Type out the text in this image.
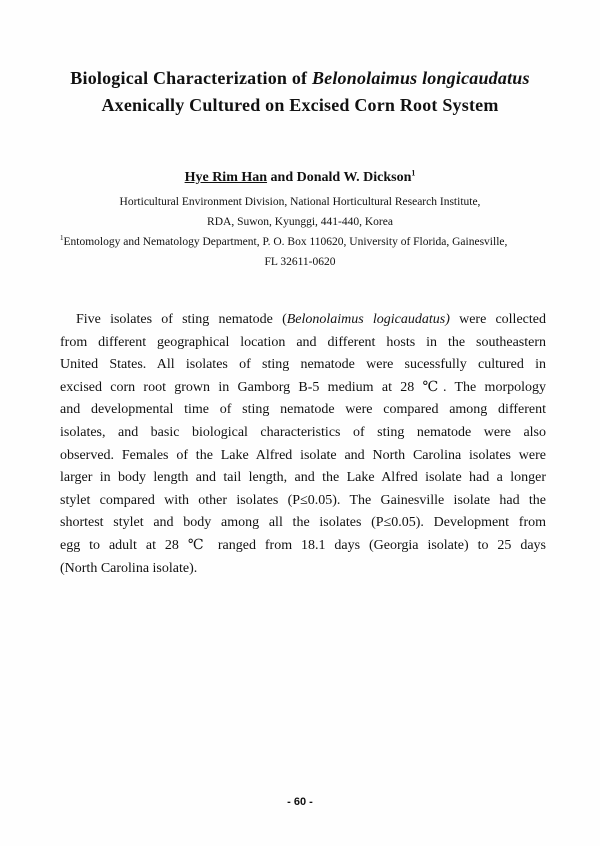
Biological Characterization of Belonolaimus longicaudatus
Axenically Cultured on Excised Corn Root System
Hye Rim Han and Donald W. Dickson$^1$
Horticultural Environment Division, National Horticultural Research Institute,
RDA, Suwon, Kyunggi, 441-440, Korea
$^1$Entomology and Nematology Department, P. O. Box 110620, University of Florida, Gainesville,
FL 32611-0620
Five isolates of sting nematode (Belonolaimus logicaudatus) were collected
from different geographical location and different hosts in the southeastern
United States. All isolates of sting nematode were sucessfully cultured in
excised corn root grown in Gamborg B-5 medium at 28 ℃. The morpology
and developmental time of sting nematode were compared among different
isolates, and basic biological characteristics of sting nematode were also
observed. Females of the Lake Alfred isolate and North Carolina isolates were
larger in body length and tail length, and the Lake Alfred isolate had a longer
stylet compared with other isolates (P≤0.05). The Gainesville isolate had the
shortest stylet and body among all the isolates (P≤0.05). Development from
egg to adult at 28 ℃ ranged from 18.1 days (Georgia isolate) to 25 days
(North Carolina isolate).
- 60 -
